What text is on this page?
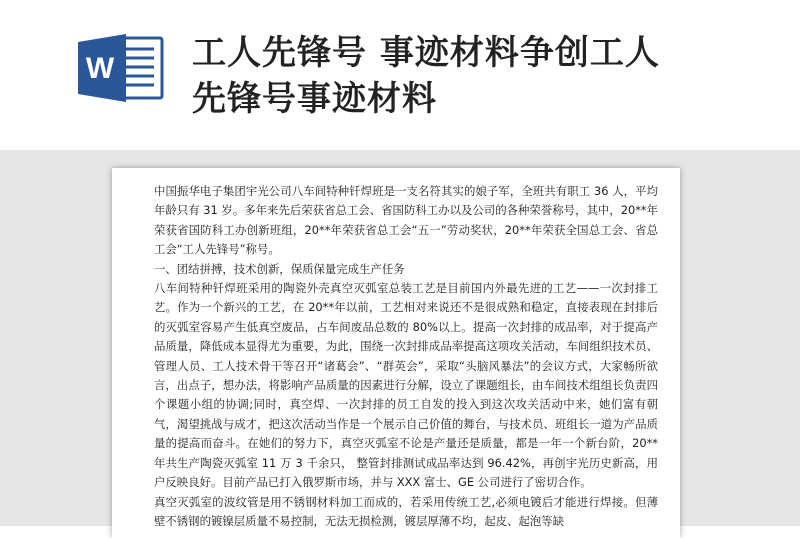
W 工人先锋号 事迹材料争创工人
先锋号事迹材料

中国振华电子集团宇光公司八车间特种钎焊班是一支名符其实的娘子军，全班共有职工 36 人，平均年龄只有 31 岁。多年来先后荣获省总工会、省国防科工办以及公司的各种荣誉称号，其中，20**年荣获省国防科工办创新班组，20**年荣获省总工会“五一”劳动奖状，20**年荣获全国总工会、省总工会“工人先锋号”称号。

一、团结拼搏，技术创新，保质保量完成生产任务

八车间特种钎焊班采用的陶瓷外壳真空灭弧室总装工艺是目前国内外最先进的工艺——一次封排工艺。作为一个新兴的工艺，在 20**年以前，工艺相对来说还不是很成熟和稳定，直接表现在封排后的灭弧室容易产生低真空废品，占车间废品总数的 80%以上。提高一次封排的成品率，对于提高产品质量，降低成本显得尤为重要，为此，围绕一次封排成品率提高这项攻关活动，车间组织技术员、管理人员、工人技术骨干等召开“诸葛会”、“群英会”，采取“头脑风暴法”的会议方式，大家畅所欲言，出点子，想办法，将影响产品质量的因素进行分解，设立了课题组长，由车间技术组组长负责四个课题小组的协调;同时，真空焊、一次封排的员工自发的投入到这次攻关活动中来，她们富有朝气，渴望挑战与成才，把这次活动当作是一个展示自己价值的舞台，与技术员、班组长一道为产品质量的提高而奋斗。在她们的努力下，真空灭弧室不论是产量还是质量，都是一年一个新台阶，20**年共生产陶瓷灭弧室 11 万 3 千余只， 整管封排测试成品率达到 96.42%，再创宇光历史新高，用户反映良好。目前产品已打入俄罗斯市场，并与 XXX 富士、GE 公司进行了密切合作。

真空灭弧室的波纹管是用不锈钢材料加工而成的，若采用传统工艺,必须电镀后才能进行焊接。但薄壁不锈钢的镀镍层质量不易控制，无法无损检测，镀层厚薄不均，起皮、起泡等缺
